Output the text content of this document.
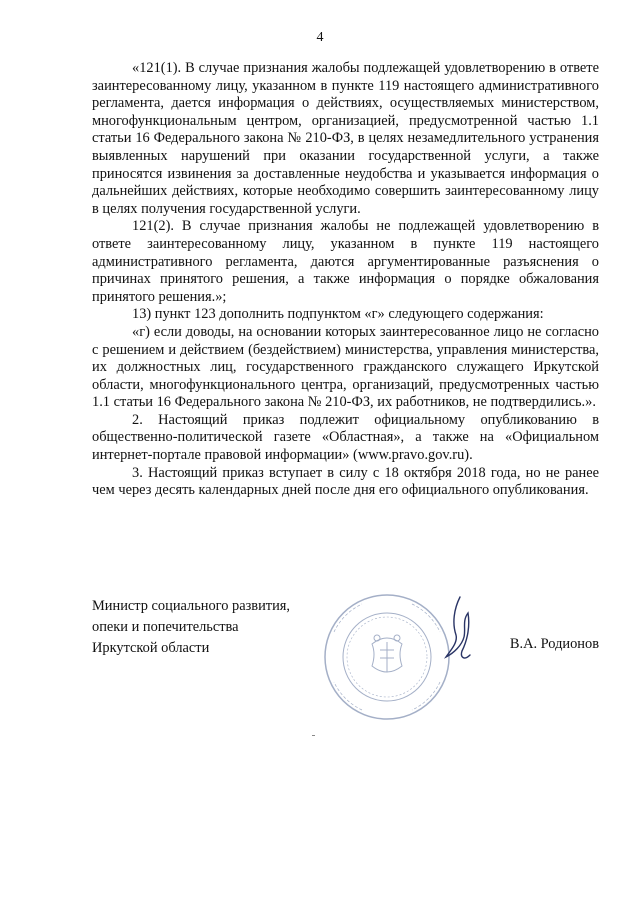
4

«121(1). В случае признания жалобы подлежащей удовлетворению в ответе заинтересованному лицу, указанном в пункте 119 настоящего административного регламента, дается информация о действиях, осуществляемых министерством, многофункциональным центром, организацией, предусмотренной частью 1.1 статьи 16 Федерального закона № 210-ФЗ, в целях незамедлительного устранения выявленных нарушений при оказании государственной услуги, а также приносятся извинения за доставленные неудобства и указывается информация о дальнейших действиях, которые необходимо совершить заинтересованному лицу в целях получения государственной услуги.

121(2). В случае признания жалобы не подлежащей удовлетворению в ответе заинтересованному лицу, указанном в пункте 119 настоящего административного регламента, даются аргументированные разъяснения о причинах принятого решения, а также информация о порядке обжалования принятого решения.»;

13) пункт 123 дополнить подпунктом «г» следующего содержания:

«г) если доводы, на основании которых заинтересованное лицо не согласно с решением и действием (бездействием) министерства, управления министерства, их должностных лиц, государственного гражданского служащего Иркутской области, многофункционального центра, организаций, предусмотренных частью 1.1 статьи 16 Федерального закона № 210-ФЗ, их работников, не подтвердились.».

2. Настоящий приказ подлежит официальному опубликованию в общественно-политической газете «Областная», а также на «Официальном интернет-портале правовой информации» (www.pravo.gov.ru).

3. Настоящий приказ вступает в силу с 18 октября 2018 года, но не ранее чем через десять календарных дней после дня его официального опубликования.

Министр социального развития,
опеки и попечительства
Иркутской области	В.А. Родионов
